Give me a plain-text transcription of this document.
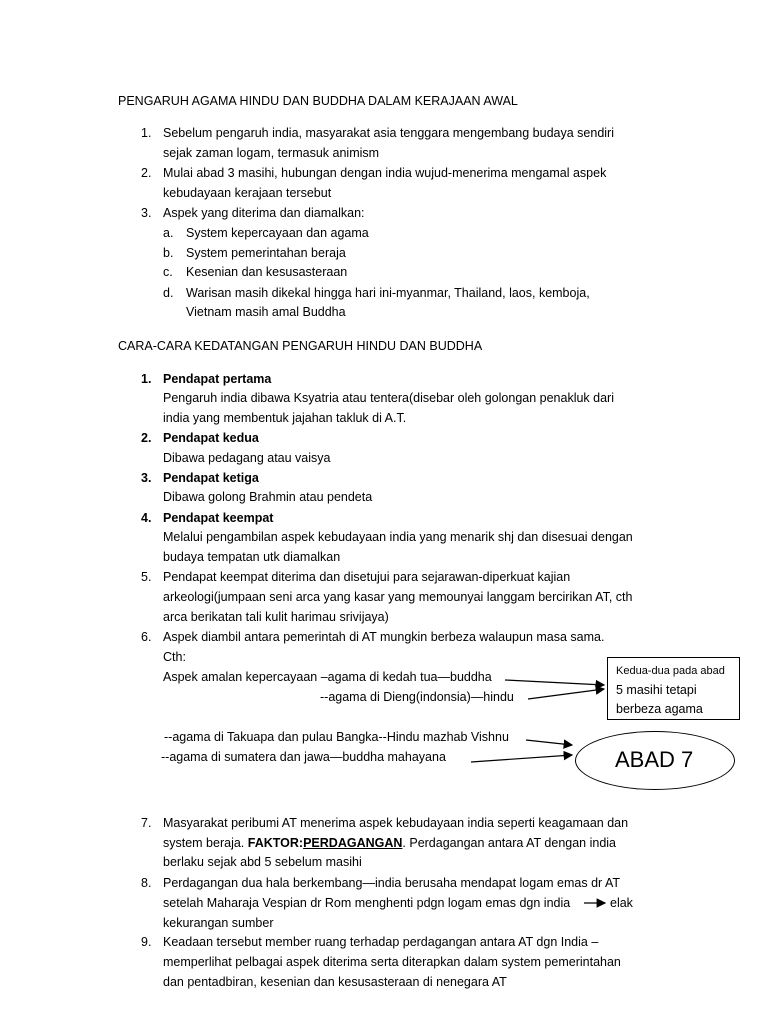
PENGARUH AGAMA HINDU DAN BUDDHA DALAM KERAJAAN AWAL
1. Sebelum pengaruh india, masyarakat asia tenggara mengembang budaya sendiri
sejak zaman logam, termasuk animism
2. Mulai abad 3 masihi, hubungan dengan india wujud-menerima mengamal aspek
kebudayaan kerajaan tersebut
3. Aspek yang diterima dan diamalkan:
a. System kepercayaan dan agama
b. System pemerintahan beraja
c. Kesenian dan kesusasteraan
d. Warisan masih dikekal hingga hari ini-myanmar, Thailand, laos, kemboja,
Vietnam masih amal Buddha
CARA-CARA KEDATANGAN PENGARUH HINDU DAN BUDDHA
1. Pendapat pertama
Pengaruh india dibawa Ksyatria atau tentera(disebar oleh golongan penakluk dari
india yang membentuk jajahan takluk di A.T.
2. Pendapat kedua
Dibawa pedagang atau vaisya
3. Pendapat ketiga
Dibawa golong Brahmin atau pendeta
4. Pendapat keempat
Melalui pengambilan aspek kebudayaan india yang menarik shj dan disesuai dengan
budaya tempatan utk diamalkan
5. Pendapat keempat diterima dan disetujui para sejarawan-diperkuat kajian
arkeologi(jumpaan seni arca yang kasar yang memounyai langgam bercirikan AT, cth
arca berikatan tali kulit harimau srivijaya)
6. Aspek diambil antara pemerintah di AT mungkin berbeza walaupun masa sama.
Cth:
Aspek amalan kepercayaan –agama di kedah tua—buddha
--agama di Dieng(indonsia)—hindu
--agama di Takuapa dan pulau Bangka--Hindu mazhab Vishnu
--agama di sumatera dan jawa—buddha mahayana
Kedua-dua pada abad
5 masihi tetapi
berbeza agama
ABAD 7
7. Masyarakat peribumi AT menerima aspek kebudayaan india seperti keagamaan dan
system beraja. FAKTOR:PERDAGANGAN. Perdagangan antara AT dengan india
berlaku sejak abd 5 sebelum masihi
8. Perdagangan dua hala berkembang—india berusaha mendapat logam emas dr AT
setelah Maharaja Vespian dr Rom menghenti pdgn logam emas dgn india	elak
kekurangan sumber
9. Keadaan tersebut member ruang terhadap perdagangan antara AT dgn India –
memperlihat pelbagai aspek diterima serta diterapkan dalam system pemerintahan
dan pentadbiran, kesenian dan kesusasteraan di nenegara AT
